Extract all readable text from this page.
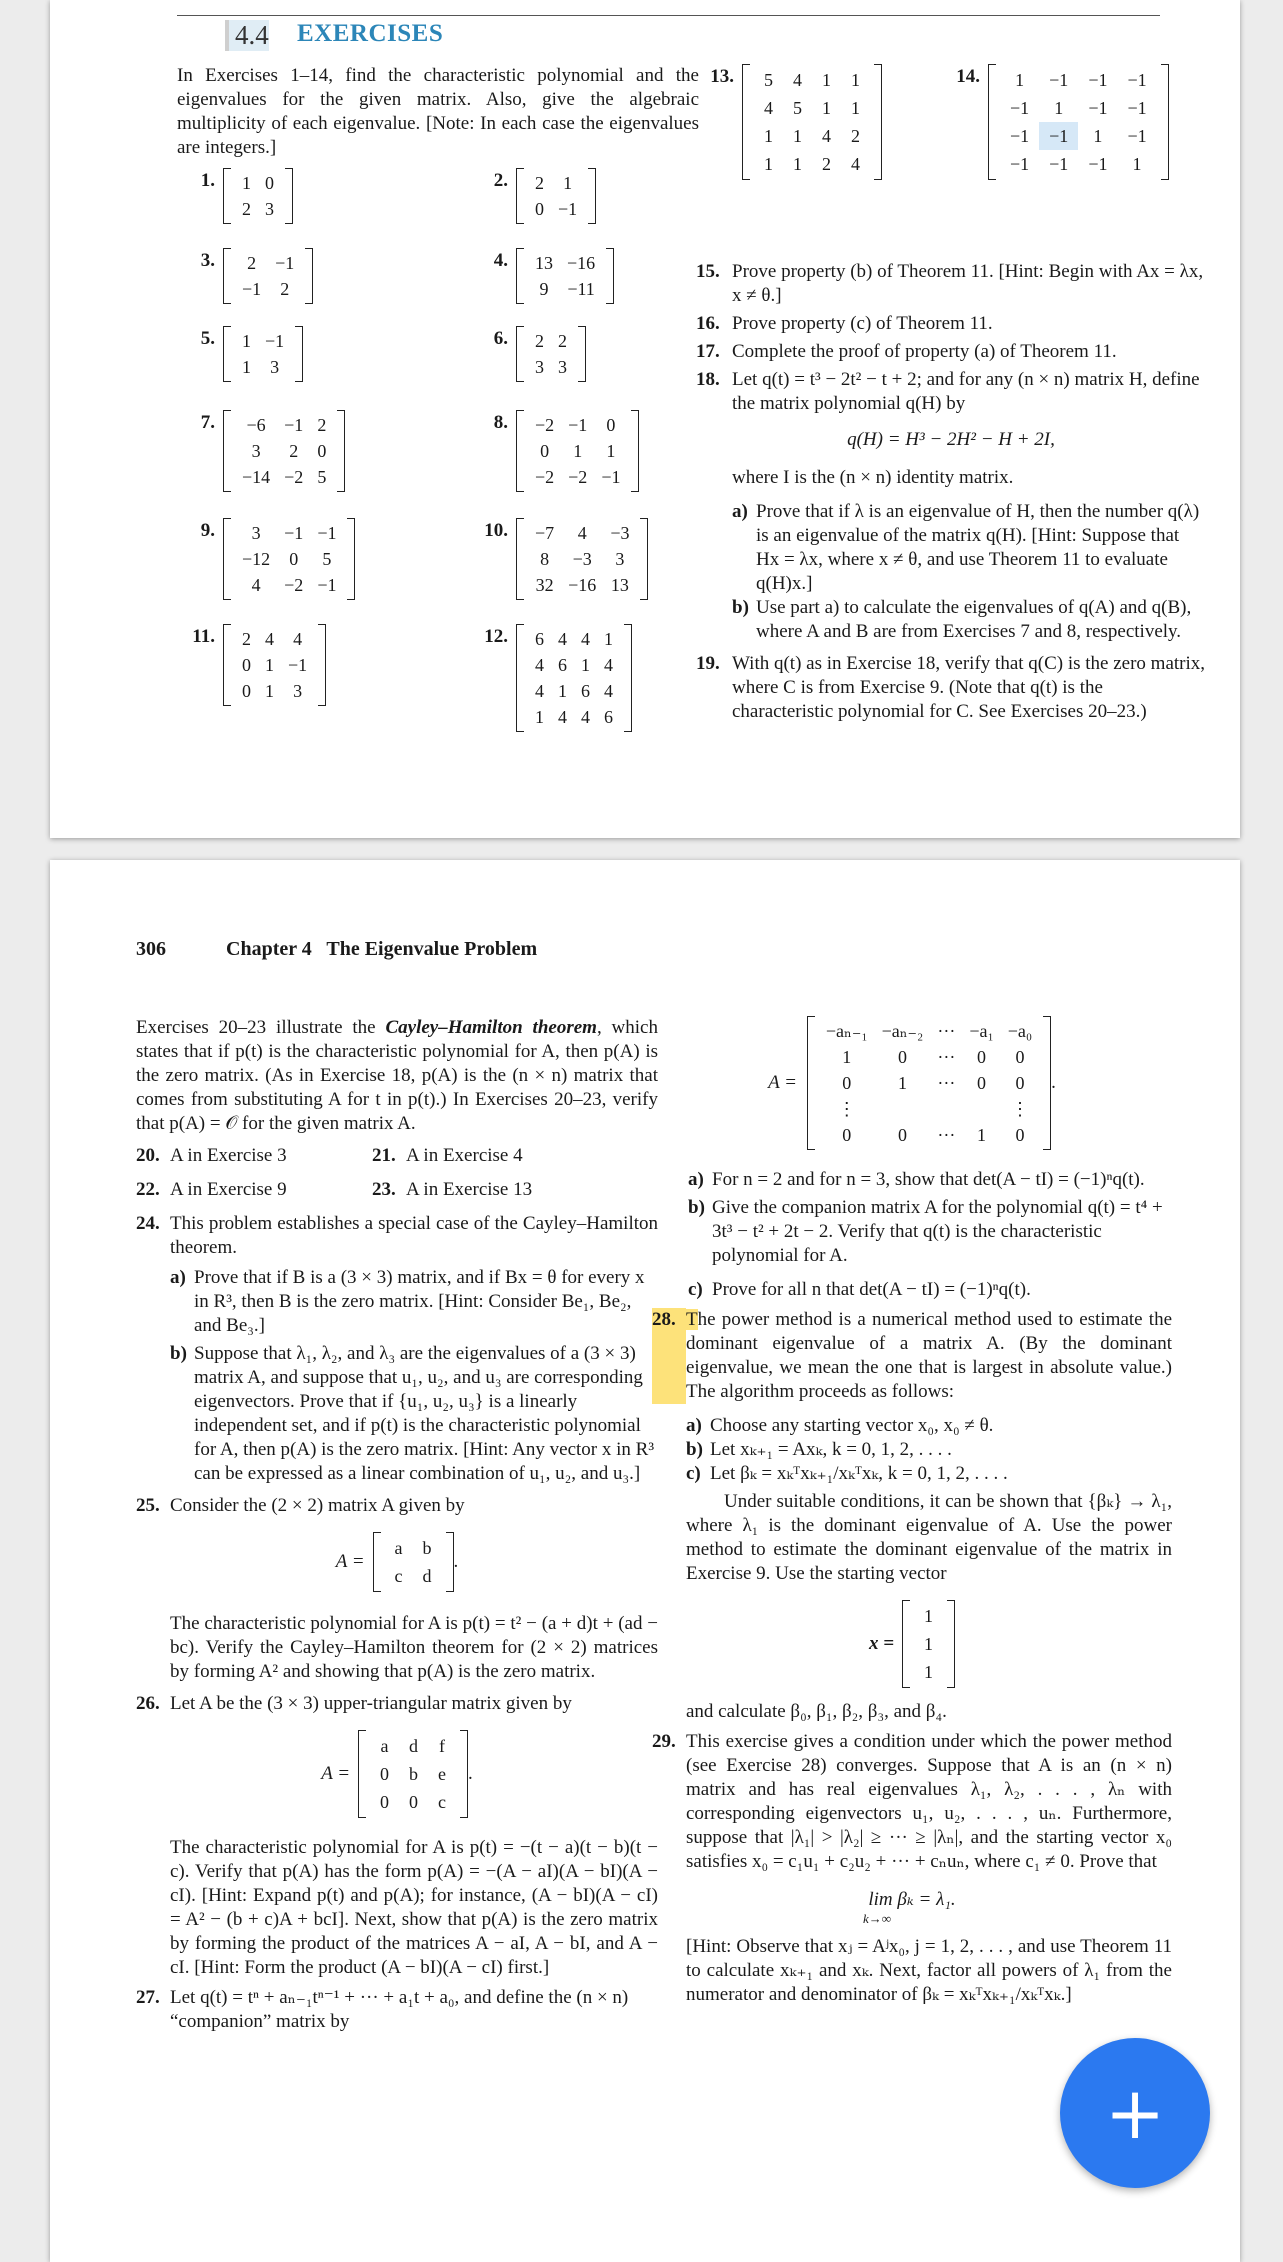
4.4 EXERCISES
In Exercises 1–14, find the characteristic polynomial and the eigenvalues for the given matrix. Also, give the algebraic multiplicity of each eigenvalue. [Note: In each case the eigenvalues are integers.]
1.	1	0
2	3
2.	2	1
0	−1
3.	2	−1
−1	2
4.	13	−16
9	−11
5.	1	−1
1	3
6.	2	2
3	3
7.	−6	−1	2
3	2	0
−14	−2	5
8.	−2	−1	0
0	1	1
−2	−2	−1
9.	3	−1	−1
−12	0	5
4	−2	−1
10.	−7	4	−3
8	−3	3
32	−16	13
11.	2	4	4
0	1	−1
0	1	3
12.	6	4	4	1
4	6	1	4
4	1	6	4
1	4	4	6
13.	5	4	1	1
4	5	1	1
1	1	4	2
1	1	2	4
14.	1	−1	−1	−1
−1	1	−1	−1
−1	−1	1	−1
−1	−1	−1	1
15. Prove property (b) of Theorem 11. [Hint: Begin with Ax = λx, x ≠ θ.]
16. Prove property (c) of Theorem 11.
17. Complete the proof of property (a) of Theorem 11.
18. Let q(t) = t³ − 2t² − t + 2; and for any (n × n) matrix H, define the matrix polynomial q(H) by
q(H) = H³ − 2H² − H + 2I,
where I is the (n × n) identity matrix.
a) Prove that if λ is an eigenvalue of H, then the number q(λ) is an eigenvalue of the matrix q(H). [Hint: Suppose that Hx = λx, where x ≠ θ, and use Theorem 11 to evaluate q(H)x.]
b) Use part a) to calculate the eigenvalues of q(A) and q(B), where A and B are from Exercises 7 and 8, respectively.
19. With q(t) as in Exercise 18, verify that q(C) is the zero matrix, where C is from Exercise 9. (Note that q(t) is the characteristic polynomial for C. See Exercises 20–23.)
306	Chapter 4   The Eigenvalue Problem
Exercises 20–23 illustrate the Cayley–Hamilton theorem, which states that if p(t) is the characteristic polynomial for A, then p(A) is the zero matrix. (As in Exercise 18, p(A) is the (n × n) matrix that comes from substituting A for t in p(t).) In Exercises 20–23, verify that p(A) = 𝒪 for the given matrix A.
20. A in Exercise 3	21. A in Exercise 4
22. A in Exercise 9	23. A in Exercise 13
24. This problem establishes a special case of the Cayley–Hamilton theorem.
a) Prove that if B is a (3 × 3) matrix, and if Bx = θ for every x in R³, then B is the zero matrix. [Hint: Consider Be₁, Be₂, and Be₃.]
b) Suppose that λ₁, λ₂, and λ₃ are the eigenvalues of a (3 × 3) matrix A, and suppose that u₁, u₂, and u₃ are corresponding eigenvectors. Prove that if {u₁, u₂, u₃} is a linearly independent set, and if p(t) is the characteristic polynomial for A, then p(A) is the zero matrix. [Hint: Any vector x in R³ can be expressed as a linear combination of u₁, u₂, and u₃.]
25. Consider the (2 × 2) matrix A given by
A =
a	b
c	d
.
The characteristic polynomial for A is p(t) = t² − (a + d)t + (ad − bc). Verify the Cayley–Hamilton theorem for (2 × 2) matrices by forming A² and showing that p(A) is the zero matrix.
26. Let A be the (3 × 3) upper-triangular matrix given by
A =
a	d	f
0	b	e
0	0	c
.
The characteristic polynomial for A is p(t) = −(t − a)(t − b)(t − c). Verify that p(A) has the form p(A) = −(A − aI)(A − bI)(A − cI). [Hint: Expand p(t) and p(A); for instance, (A − bI)(A − cI) = A² − (b + c)A + bcI]. Next, show that p(A) is the zero matrix by forming the product of the matrices A − aI, A − bI, and A − cI. [Hint: Form the product (A − bI)(A − cI) first.]
27. Let q(t) = tⁿ + aₙ₋₁tⁿ⁻¹ + ··· + a₁t + a₀, and define the (n × n) “companion” matrix by
A =
−aₙ₋₁	−aₙ₋₂	···	−a₁	−a₀
1	0	···	0	0
0	1	···	0	0
⋮				⋮
0	0	···	1	0
.
a) For n = 2 and for n = 3, show that det(A − tI) = (−1)ⁿq(t).
b) Give the companion matrix A for the polynomial q(t) = t⁴ + 3t³ − t² + 2t − 2. Verify that q(t) is the characteristic polynomial for A.
c) Prove for all n that det(A − tI) = (−1)ⁿq(t).
28. The power method is a numerical method used to estimate the dominant eigenvalue of a matrix A. (By the dominant eigenvalue, we mean the one that is largest in absolute value.) The algorithm proceeds as follows:
a) Choose any starting vector x₀, x₀ ≠ θ.
b) Let xₖ₊₁ = Axₖ, k = 0, 1, 2, . . . .
c) Let βₖ = xₖᵀxₖ₊₁/xₖᵀxₖ, k = 0, 1, 2, . . . .
Under suitable conditions, it can be shown that {βₖ} → λ₁, where λ₁ is the dominant eigenvalue of A. Use the power method to estimate the dominant eigenvalue of the matrix in Exercise 9. Use the starting vector
x =
1
1
1
and calculate β₀, β₁, β₂, β₃, and β₄.
29. This exercise gives a condition under which the power method (see Exercise 28) converges. Suppose that A is an (n × n) matrix and has real eigenvalues λ₁, λ₂, . . . , λₙ with corresponding eigenvectors u₁, u₂, . . . , uₙ. Furthermore, suppose that |λ₁| > |λ₂| ≥ ··· ≥ |λₙ|, and the starting vector x₀ satisfies x₀ = c₁u₁ + c₂u₂ + ··· + cₙuₙ, where c₁ ≠ 0. Prove that
lim βₖ = λ₁.
k→∞
[Hint: Observe that xⱼ = Aʲx₀, j = 1, 2, . . . , and use Theorem 11 to calculate xₖ₊₁ and xₖ. Next, factor all powers of λ₁ from the numerator and denominator of βₖ = xₖᵀxₖ₊₁/xₖᵀxₖ.]
+
